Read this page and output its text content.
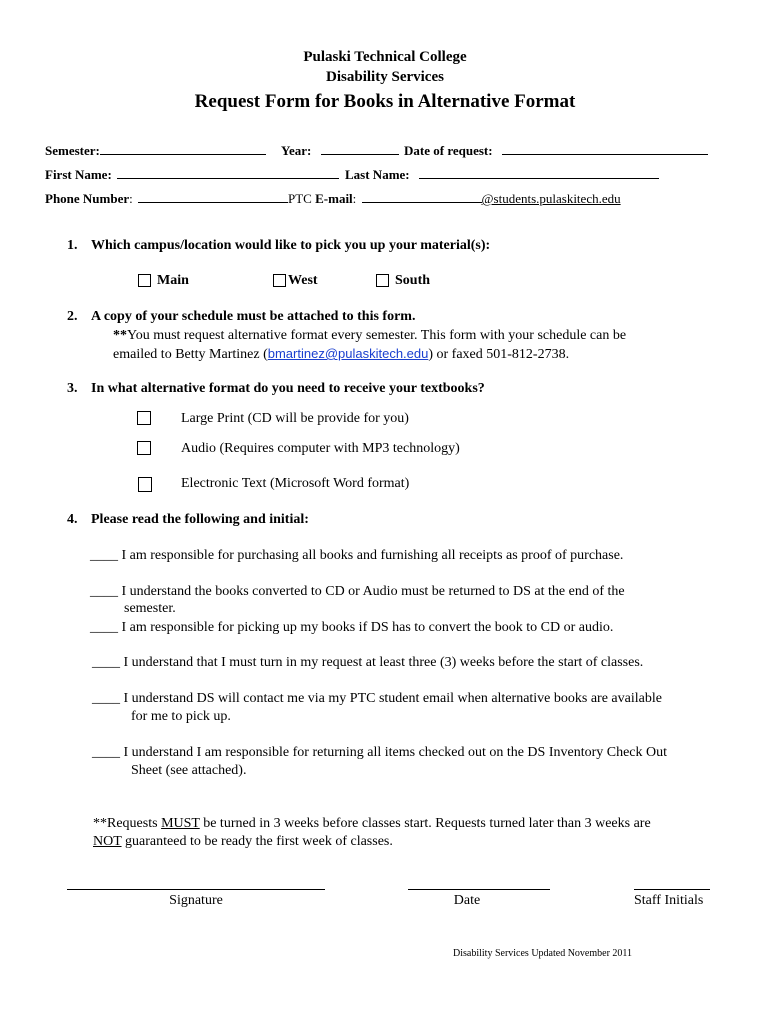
Pulaski Technical College
Disability Services
Request Form for Books in Alternative Format
Semester:	Year:	Date of request:
First Name:	Last Name:
Phone Number:	PTC E-mail:	@students.pulaskitech.edu
1. Which campus/location would like to pick you up your material(s):
Main	West	South
2. A copy of your schedule must be attached to this form.
**You must request alternative format every semester. This form with your schedule can be
emailed to Betty Martinez (bmartinez@pulaskitech.edu) or faxed 501-812-2738.
3. In what alternative format do you need to receive your textbooks?
Large Print (CD will be provide for you)
Audio (Requires computer with MP3 technology)
Electronic Text (Microsoft Word format)
4. Please read the following and initial:
____ I am responsible for purchasing all books and furnishing all receipts as proof of purchase.
____ I understand the books converted to CD or Audio must be returned to DS at the end of the
semester.
____ I am responsible for picking up my books if DS has to convert the book to CD or audio.
____ I understand that I must turn in my request at least three (3) weeks before the start of classes.
____ I understand DS will contact me via my PTC student email when alternative books are available
for me to pick up.
____ I understand I am responsible for returning all items checked out on the DS Inventory Check Out
Sheet (see attached).
**Requests MUST be turned in 3 weeks before classes start. Requests turned later than 3 weeks are
NOT guaranteed to be ready the first week of classes.
Signature	Date	Staff Initials
Disability Services Updated November 2011
